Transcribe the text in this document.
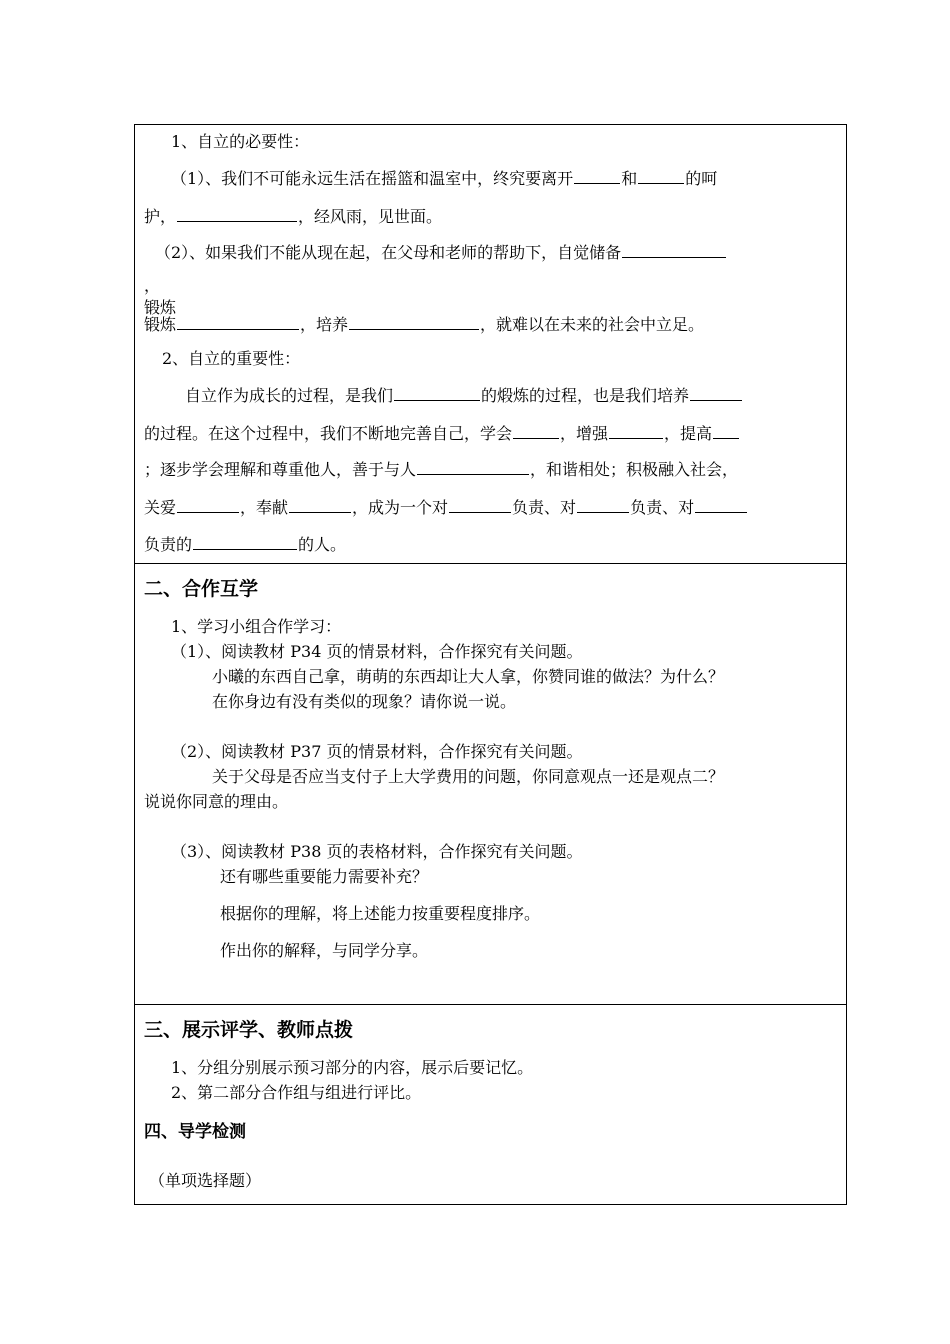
1、自立的必要性：
（1）、我们不可能永远生活在摇篮和温室中，终究要离开	和	的呵
护，	，经风雨，见世面。
（2）、如果我们不能从现在起，在父母和老师的帮助下，自觉储备
，
锻炼
锻炼	，培养	，就难以在未来的社会中立足。
2、自立的重要性：
自立作为成长的过程，是我们	的煅炼的过程，也是我们培养
的过程。在这个过程中，我们不断地完善自己，学会	，增强	，提高
；逐步学会理解和尊重他人，善于与人	，和谐相处；积极融入社会，
关爱	，奉献	，成为一个对	负责、对	负责、对
负责的	的人。
二、合作互学
1、学习小组合作学习：
（1）、阅读教材 P34 页的情景材料，合作探究有关问题。
小曦的东西自己拿，萌萌的东西却让大人拿，你赞同谁的做法？为什么？
在你身边有没有类似的现象？请你说一说。
（2）、阅读教材 P37 页的情景材料，合作探究有关问题。
关于父母是否应当支付子上大学费用的问题，你同意观点一还是观点二？
说说你同意的理由。
（3）、阅读教材 P38 页的表格材料，合作探究有关问题。
还有哪些重要能力需要补充？
根据你的理解，将上述能力按重要程度排序。
作出你的解释，与同学分享。
三、展示评学、教师点拨
1、分组分别展示预习部分的内容，展示后要记忆。
2、第二部分合作组与组进行评比。
四、导学检测
（单项选择题）
